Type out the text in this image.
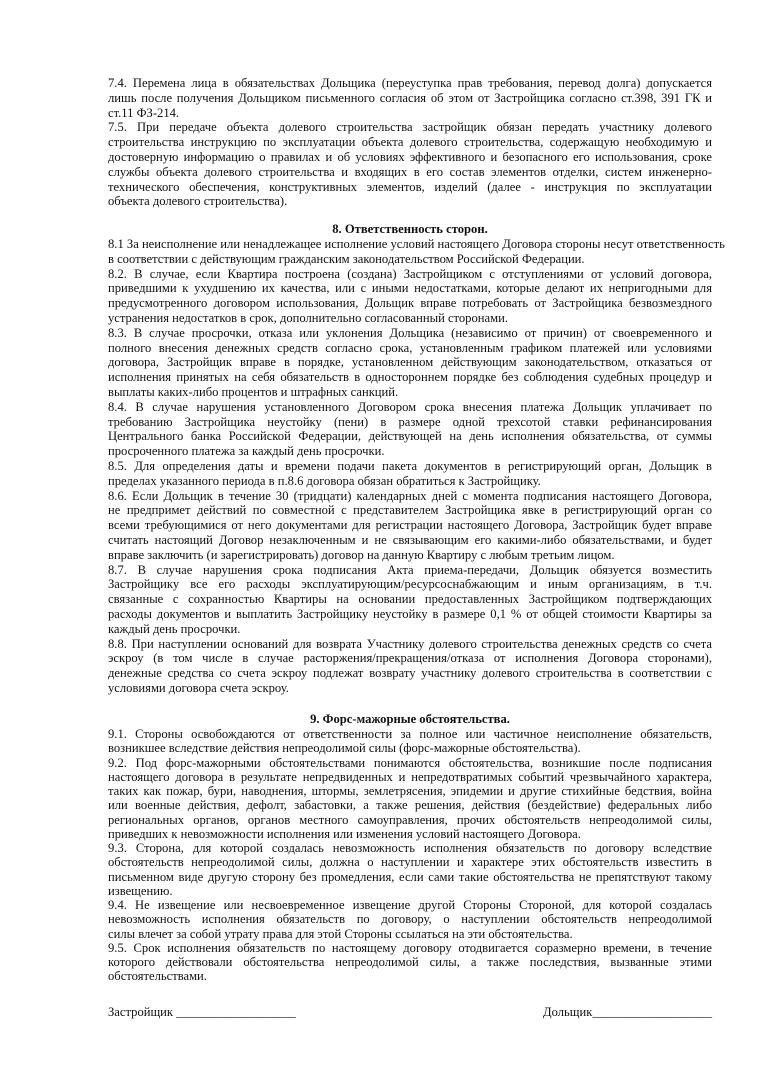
7.4. Перемена лица в обязательствах Дольщика (переуступка прав требования, перевод долга) допускается
лишь после получения Дольщиком письменного согласия об этом от Застройщика согласно ст.398, 391 ГК и
ст.11 ФЗ-214.
7.5. При передаче объекта долевого строительства застройщик обязан передать участнику долевого
строительства инструкцию по эксплуатации объекта долевого строительства, содержащую необходимую и
достоверную информацию о правилах и об условиях эффективного и безопасного его использования, сроке
службы объекта долевого строительства и входящих в его состав элементов отделки, систем инженерно-
технического обеспечения, конструктивных элементов, изделий (далее - инструкция по эксплуатации
объекта долевого строительства).
8. Ответственность сторон.
8.1 За неисполнение или ненадлежащее исполнение условий настоящего Договора стороны несут ответственность
в соответствии с действующим гражданским законодательством Российской Федерации.
8.2. В случае, если Квартира построена (создана) Застройщиком с отступлениями от условий договора,
приведшими к ухудшению их качества, или с иными недостатками, которые делают их непригодными для
предусмотренного договором использования, Дольщик вправе потребовать от Застройщика безвозмездного
устранения недостатков в срок, дополнительно согласованный сторонами.
8.3. В случае просрочки, отказа или уклонения Дольщика (независимо от причин) от своевременного и
полного внесения денежных средств согласно срока, установленным графиком платежей или условиями
договора, Застройщик вправе в порядке, установленном действующим законодательством, отказаться от
исполнения принятых на себя обязательств в одностороннем порядке без соблюдения судебных процедур и
выплаты каких-либо процентов и штрафных санкций.
8.4. В случае нарушения установленного Договором срока внесения платежа Дольщик уплачивает по
требованию Застройщика неустойку (пени) в размере одной трехсотой ставки рефинансирования
Центрального банка Российской Федерации, действующей на день исполнения обязательства, от суммы
просроченного платежа за каждый день просрочки.
8.5. Для определения даты и времени подачи пакета документов в регистрирующий орган, Дольщик в
пределах указанного периода в п.8.6 договора обязан обратиться к Застройщику.
8.6. Если Дольщик в течение 30 (тридцати) календарных дней с момента подписания настоящего Договора,
не предпримет действий по совместной с представителем Застройщика явке в регистрирующий орган со
всеми требующимися от него документами для регистрации настоящего Договора, Застройщик будет вправе
считать настоящий Договор незаключенным и не связывающим его какими-либо обязательствами, и будет
вправе заключить (и зарегистрировать) договор на данную Квартиру с любым третьим лицом.
8.7. В случае нарушения срока подписания Акта приема-передачи, Дольщик обязуется возместить
Застройщику все его расходы эксплуатирующим/ресурсоснабжающим и иным организациям, в т.ч.
связанные с сохранностью Квартиры на основании предоставленных Застройщиком подтверждающих
расходы документов и выплатить Застройщику неустойку в размере 0,1 % от общей стоимости Квартиры за
каждый день просрочки.
8.8. При наступлении оснований для возврата Участнику долевого строительства денежных средств со счета
эскроу (в том числе в случае расторжения/прекращения/отказа от исполнения Договора сторонами),
денежные средства со счета эскроу подлежат возврату участнику долевого строительства в соответствии с
условиями договора счета эскроу.
9. Форс-мажорные обстоятельства.
9.1. Стороны освобождаются от ответственности за полное или частичное неисполнение обязательств,
возникшее вследствие действия непреодолимой силы (форс-мажорные обстоятельства).
9.2. Под форс-мажорными обстоятельствами понимаются обстоятельства, возникшие после подписания
настоящего договора в результате непредвиденных и непредотвратимых событий чрезвычайного характера,
таких как пожар, бури, наводнения, штормы, землетрясения, эпидемии и другие стихийные бедствия, война
или военные действия, дефолт, забастовки, а также решения, действия (бездействие) федеральных либо
региональных органов, органов местного самоуправления, прочих обстоятельств непреодолимой силы,
приведших к невозможности исполнения или изменения условий настоящего Договора.
9.3. Сторона, для которой создалась невозможность исполнения обязательств по договору вследствие
обстоятельств непреодолимой силы, должна о наступлении и характере этих обстоятельств известить в
письменном виде другую сторону без промедления, если сами такие обстоятельства не препятствуют такому
извещению.
9.4. Не извещение или несвоевременное извещение другой Стороны Стороной, для которой создалась
невозможность исполнения обязательств по договору, о наступлении обстоятельств непреодолимой
силы влечет за собой утрату права для этой Стороны ссылаться на эти обстоятельства.
9.5. Срок исполнения обязательств по настоящему договору отодвигается соразмерно времени, в течение
которого действовали обстоятельства непреодолимой силы, а также последствия, вызванные этими
обстоятельствами.
Застройщик ___________________	Дольщик___________________
